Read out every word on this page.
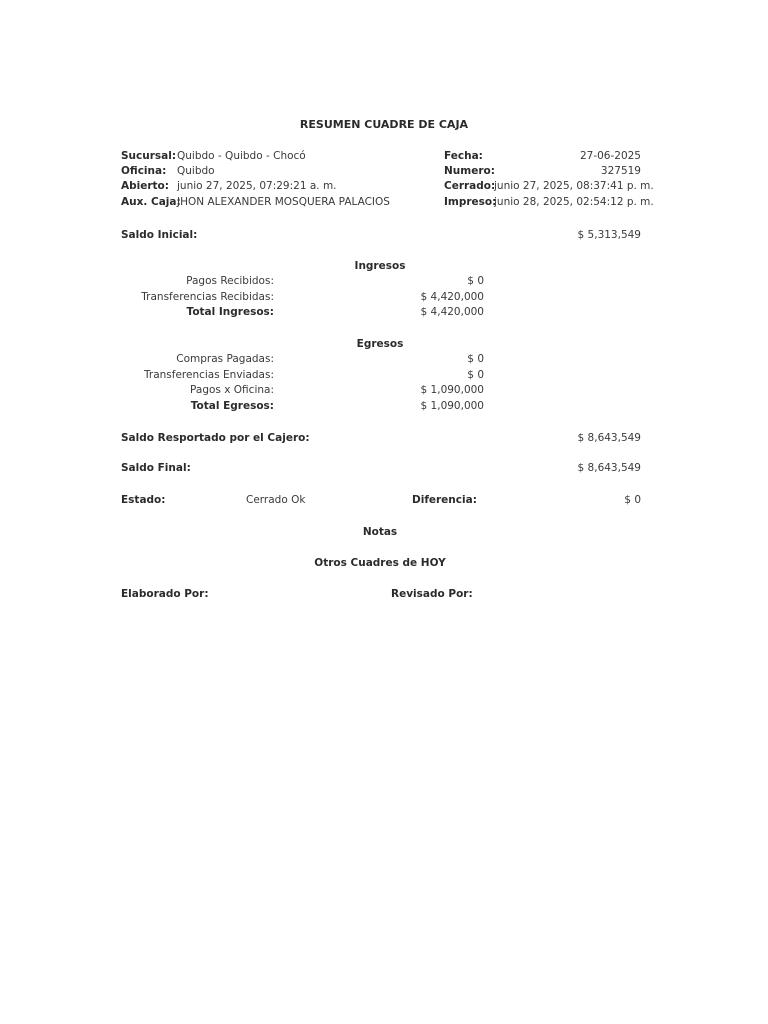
RESUMEN CUADRE DE CAJA
Sucursal: Quibdo - Quibdo - Chocó
Oficina: Quibdo
Abierto: junio 27, 2025, 07:29:21 a. m.
Aux. Caja:
JHON ALEXANDER MOSQUERA PALACIOS
Fecha:	27-06-2025
Numero:	327519
Cerrado:
junio 27, 2025, 08:37:41 p. m.
Impreso:
junio 28, 2025, 02:54:12 p. m.
Saldo Inicial:	$ 5,313,549
Ingresos
Pagos Recibidos:	$ 0
Transferencias Recibidas:	$ 4,420,000
Total Ingresos:	$ 4,420,000
Egresos
Compras Pagadas:	$ 0
Transferencias Enviadas:	$ 0
Pagos x Oficina:	$ 1,090,000
Total Egresos:	$ 1,090,000
Saldo Resportado por el Cajero:	$ 8,643,549
Saldo Final:	$ 8,643,549
Estado:	Cerrado Ok	Diferencia:	$ 0
Notas
Otros Cuadres de HOY
Elaborado Por:	Revisado Por:
